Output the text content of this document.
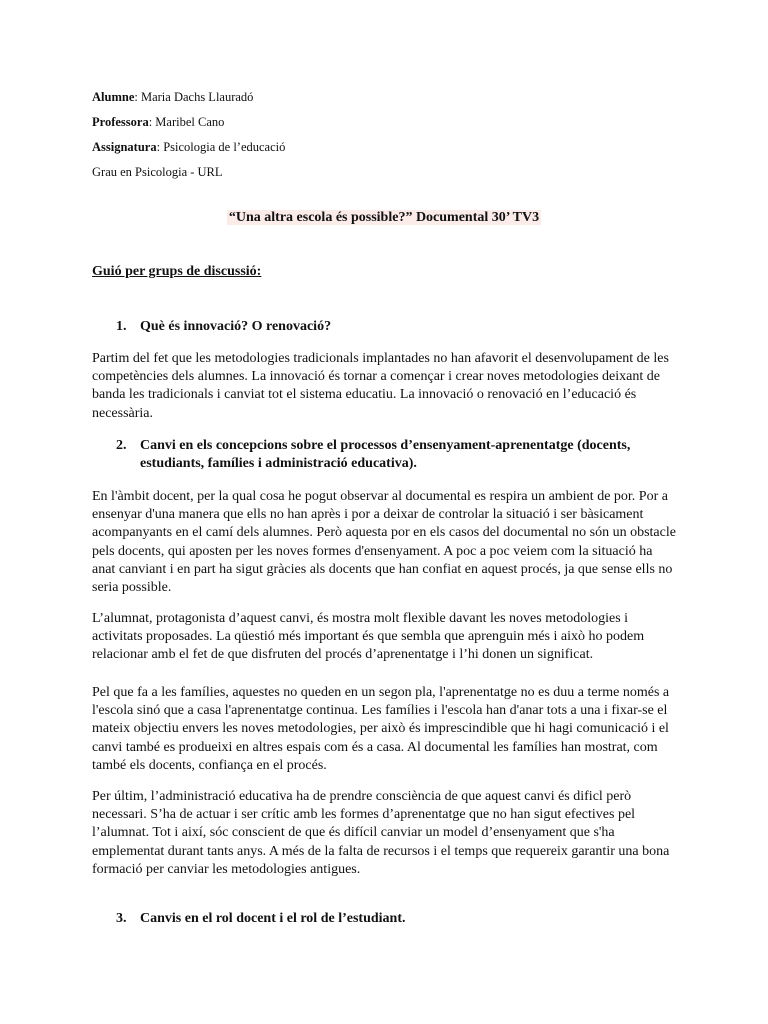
Alumne: Maria Dachs Llauradó

Professora: Maribel Cano

Assignatura: Psicologia de l’educació

Grau en Psicologia - URL

“Una altra escola és possible?” Documental 30’ TV3
Guió per grups de discussió:
1. Què és innovació? O renovació?

Partim del fet que les metodologies tradicionals implantades no han afavorit el desenvolupament de les competències dels alumnes. La innovació és tornar a començar i crear noves metodologies deixant de banda les tradicionals i canviat tot el sistema educatiu. La innovació o renovació en l’educació és necessària.

2. Canvi en els concepcions sobre el processos d’ensenyament-aprenentatge (docents, estudiants, famílies i administració educativa).

En l'àmbit docent, per la qual cosa he pogut observar al documental es respira un ambient de por. Por a ensenyar d'una manera que ells no han après i por a deixar de controlar la situació i ser bàsicament acompanyants en el camí dels alumnes. Però aquesta por en els casos del documental no són un obstacle pels docents, qui aposten per les noves formes d'ensenyament. A poc a poc veiem com la situació ha anat canviant i en part ha sigut gràcies als docents que han confiat en aquest procés, ja que sense ells no seria possible.

L’alumnat, protagonista d’aquest canvi, és mostra molt flexible davant les noves metodologies i activitats proposades. La qüestió més important és que sembla que aprenguin més i això ho podem relacionar amb el fet de que disfruten del procés d’aprenentatge i l’hi donen un significat.

Pel que fa a les famílies, aquestes no queden en un segon pla, l'aprenentatge no es duu a terme només a l'escola sinó que a casa l'aprenentatge continua. Les famílies i l'escola han d'anar tots a una i fixar-se el mateix objectiu envers les noves metodologies, per això és imprescindible que hi hagi comunicació i el canvi també es produeixi en altres espais com és a casa. Al documental les famílies han mostrat, com també els docents, confiança en el procés.

Per últim, l’administració educativa ha de prendre consciència de que aquest canvi és dificl però necessari. S’ha de actuar i ser crític amb les formes d’aprenentatge que no han sigut efectives pel l’alumnat. Tot i així, sóc conscient de que és difícil canviar un model d’ensenyament que s'ha emplementat durant tants anys. A més de la falta de recursos i el temps que requereix garantir una bona formació per canviar les metodologies antigues.

3. Canvis en el rol docent i el rol de l’estudiant.
